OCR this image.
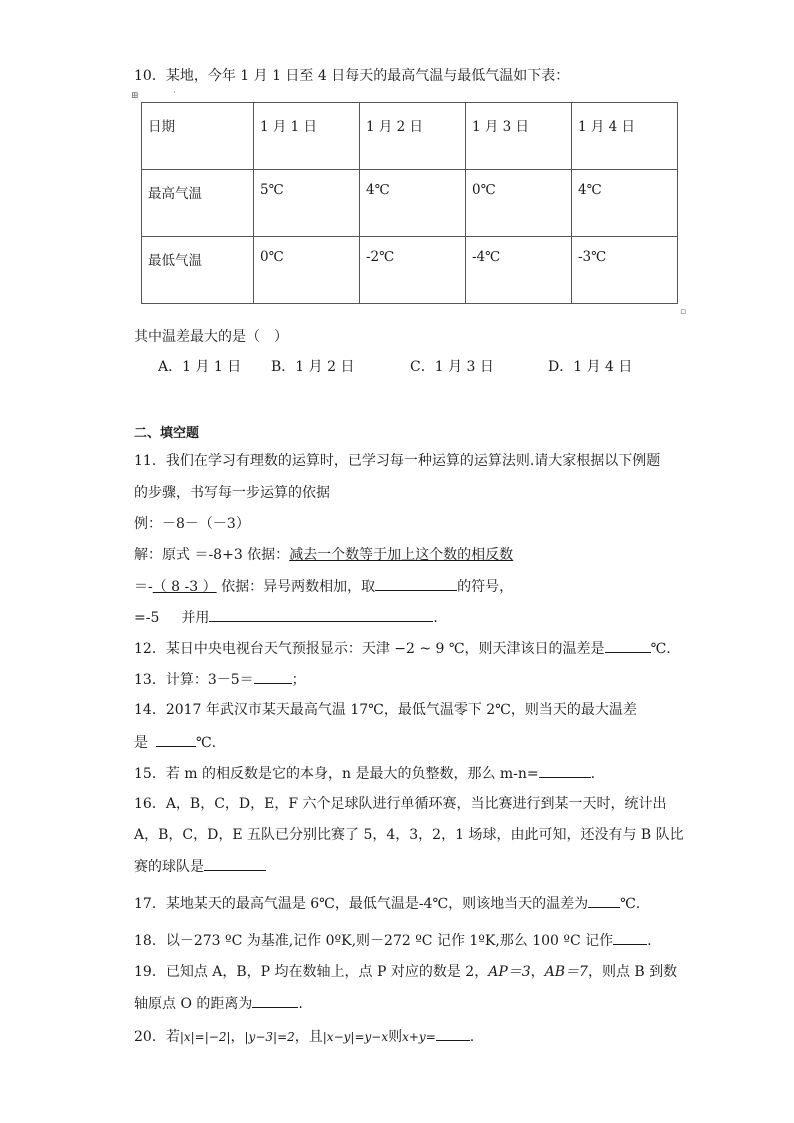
⊞	·
▫
10．某地，今年 1 月 1 日至 4 日每天的最高气温与最低气温如下表：
日期	1 月 1 日	1 月 2 日	1 月 3 日	1 月 4 日
最高气温	5℃	4℃	0℃	4℃
最低气温	0℃	-2℃	-4℃	-3℃
其中温差最大的是（　）
A．1 月 1 日 B．1 月 2 日	C．1 月 3 日	D．1 月 4 日
二、填空题
11．我们在学习有理数的运算时，已学习每一种运算的运算法则.请大家根据以下例题
的步骤，书写每一步运算的依据
例：－8－（－3）
解：原式 ＝-8+3 依据：减去一个数等于加上这个数的相反数
＝-（ 8 -3 ） 依据：异号两数相加，取	的符号，
=-5 并用	.
12．某日中央电视台天气预报显示：天津 −2 ~ 9 ℃，则天津该日的温差是	℃.
13．计算：3－5＝	；
14．2017 年武汉市某天最高气温 17℃，最低气温零下 2℃，则当天的最大温差
是	℃.
15．若 m 的相反数是它的本身，n 是最大的负整数，那么 m-n=	.
16．A，B，C，D，E，F 六个足球队进行单循环赛，当比赛进行到某一天时，统计出
A，B，C，D，E 五队已分别比赛了 5，4，3，2，1 场球，由此可知，还没有与 B 队比
赛的球队是
17．某地某天的最高气温是 6℃，最低气温是-4℃，则该地当天的温差为 ℃.
18．以－273 ºC 为基准,记作 0ºK,则－272 ºC 记作 1ºK,那么 100 ºC 记作 .
19．已知点 A，B，P 均在数轴上，点 P 对应的数是 2，AP＝3，AB＝7，则点 B 到数
轴原点 O 的距离为	.
20．若|x|=|−2|，|y−3|=2，且|x−y|=y−x则x+y= .
